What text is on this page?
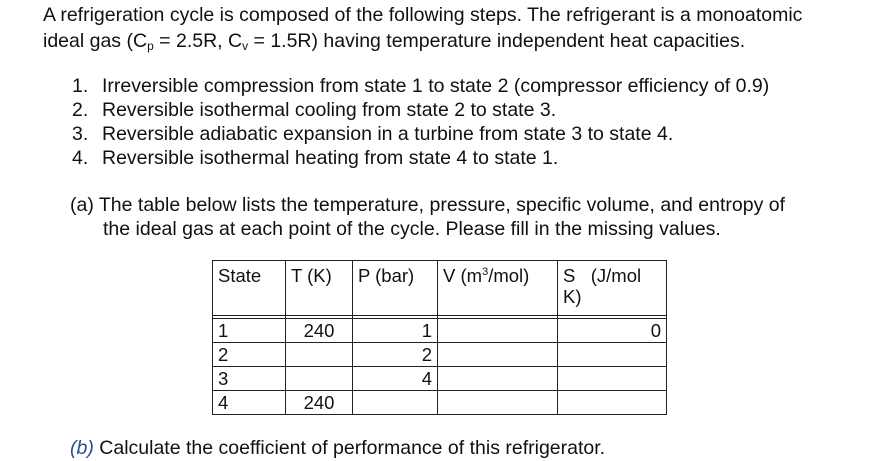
A refrigeration cycle is composed of the following steps. The refrigerant is a monoatomic
ideal gas ($C_p = 2.5R$, $C_v = 1.5R$) having temperature independent heat capacities.
1. Irreversible compression from state 1 to state 2 (compressor efficiency of 0.9)
2. Reversible isothermal cooling from state 2 to state 3.
3. Reversible adiabatic expansion in a turbine from state 3 to state 4.
4. Reversible isothermal heating from state 4 to state 1.
(a) The table below lists the temperature, pressure, specific volume, and entropy of
the ideal gas at each point of the cycle. Please fill in the missing values.
State	T (K)	P (bar)	V $(m^3/mol)$	S   (J/mol
K)

1	240	1		0
2		2		
3		4		
4	240			
(b) Calculate the coefficient of performance of this refrigerator.
